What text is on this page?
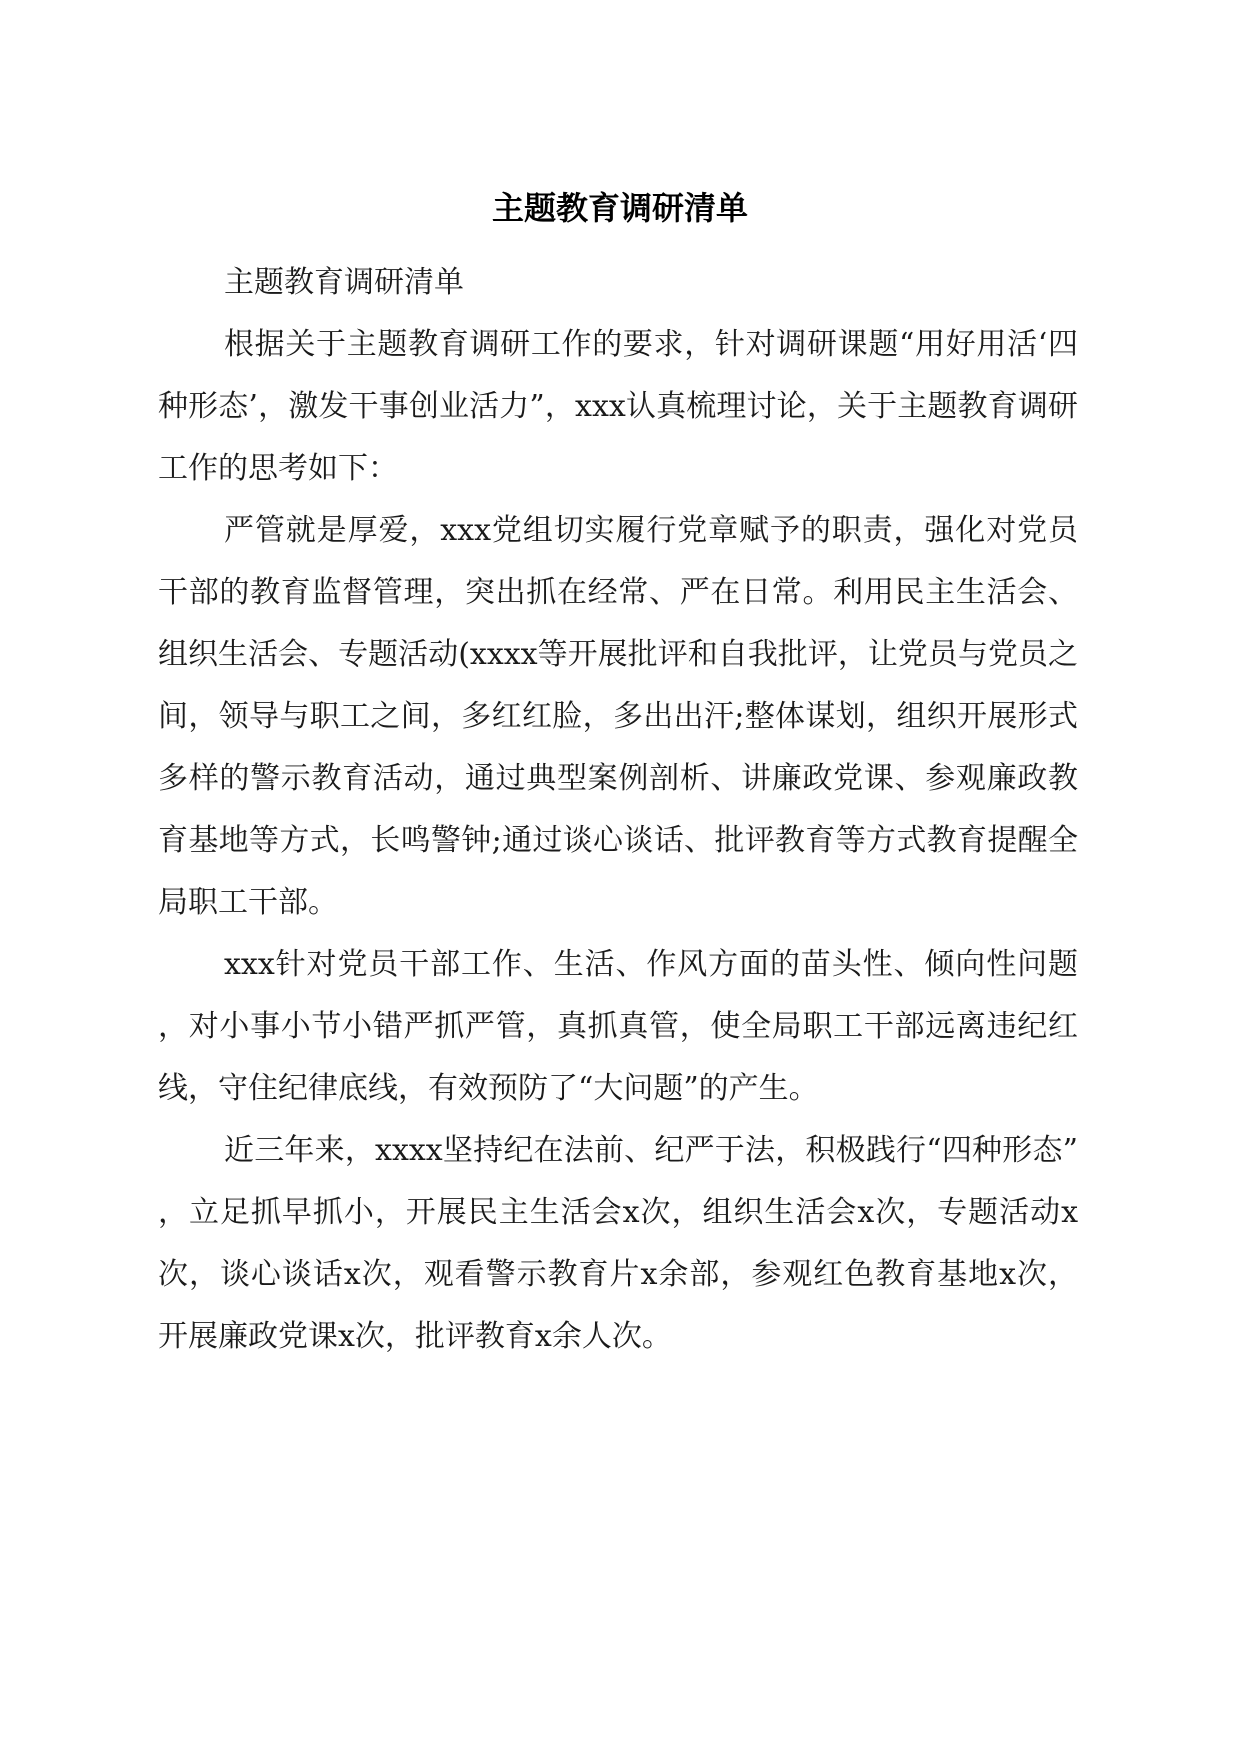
主题教育调研清单

主题教育调研清单

根据关于主题教育调研工作的要求，针对调研课题“用好用活‘四种形态’，激发干事创业活力”，xxx认真梳理讨论，关于主题教育调研工作的思考如下：

严管就是厚爱，xxx党组切实履行党章赋予的职责，强化对党员干部的教育监督管理，突出抓在经常、严在日常。利用民主生活会、组织生活会、专题活动(xxxx等开展批评和自我批评，让党员与党员之间，领导与职工之间，多红红脸，多出出汗;整体谋划，组织开展形式多样的警示教育活动，通过典型案例剖析、讲廉政党课、参观廉政教育基地等方式，长鸣警钟;通过谈心谈话、批评教育等方式教育提醒全局职工干部。

xxx针对党员干部工作、生活、作风方面的苗头性、倾向性问题，对小事小节小错严抓严管，真抓真管，使全局职工干部远离违纪红线，守住纪律底线，有效预防了“大问题”的产生。

近三年来，xxxx坚持纪在法前、纪严于法，积极践行“四种形态”，立足抓早抓小，开展民主生活会x次，组织生活会x次，专题活动x次，谈心谈话x次，观看警示教育片x余部，参观红色教育基地x次，开展廉政党课x次，批评教育x余人次。
